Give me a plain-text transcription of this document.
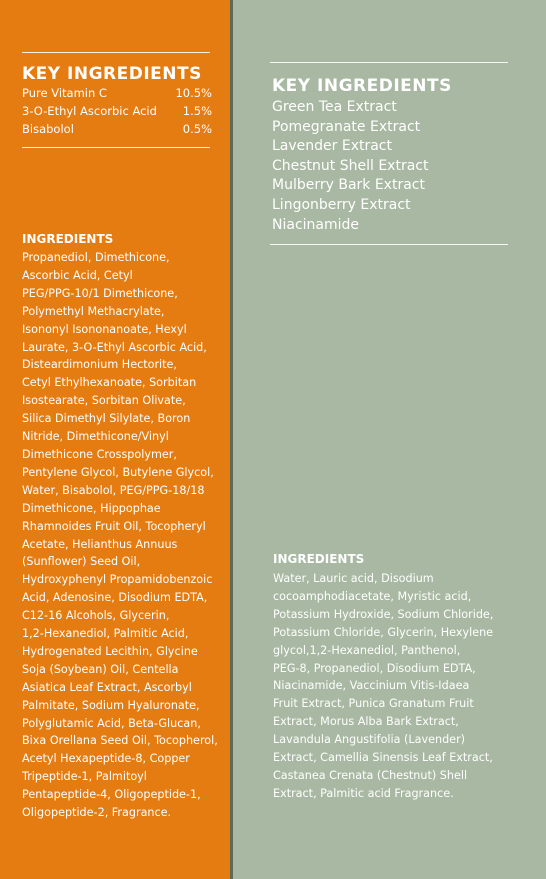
KEY INGREDIENTS
Pure Vitamin C	10.5%
3-O-Ethyl Ascorbic Acid 1.5%
Bisabolol	0.5%
INGREDIENTS
Propanediol, Dimethicone,
Ascorbic Acid, Cetyl
PEG/PPG-10/1 Dimethicone,
Polymethyl Methacrylate,
Isononyl Isononanoate, Hexyl
Laurate, 3-O-Ethyl Ascorbic Acid,
Disteardimonium Hectorite,
Cetyl Ethylhexanoate, Sorbitan
Isostearate, Sorbitan Olivate,
Silica Dimethyl Silylate, Boron
Nitride, Dimethicone/Vinyl
Dimethicone Crosspolymer,
Pentylene Glycol, Butylene Glycol,
Water, Bisabolol, PEG/PPG-18/18
Dimethicone, Hippophae
Rhamnoides Fruit Oil, Tocopheryl
Acetate, Helianthus Annuus
(Sunflower) Seed Oil,
Hydroxyphenyl Propamidobenzoic
Acid, Adenosine, Disodium EDTA,
C12-16 Alcohols, Glycerin,
1,2-Hexanediol, Palmitic Acid,
Hydrogenated Lecithin, Glycine
Soja (Soybean) Oil, Centella
Asiatica Leaf Extract, Ascorbyl
Palmitate, Sodium Hyaluronate,
Polyglutamic Acid, Beta-Glucan,
Bixa Orellana Seed Oil, Tocopherol,
Acetyl Hexapeptide-8, Copper
Tripeptide-1, Palmitoyl
Pentapeptide-4, Oligopeptide-1,
Oligopeptide-2, Fragrance.
KEY INGREDIENTS
Green Tea Extract
Pomegranate Extract
Lavender Extract
Chestnut Shell Extract
Mulberry Bark Extract
Lingonberry Extract
Niacinamide
INGREDIENTS
Water, Lauric acid, Disodium
cocoamphodiacetate, Myristic acid,
Potassium Hydroxide, Sodium Chloride,
Potassium Chloride, Glycerin, Hexylene
glycol,1,2-Hexanediol, Panthenol,
PEG-8, Propanediol, Disodium EDTA,
Niacinamide, Vaccinium Vitis-Idaea
Fruit Extract, Punica Granatum Fruit
Extract, Morus Alba Bark Extract,
Lavandula Angustifolia (Lavender)
Extract, Camellia Sinensis Leaf Extract,
Castanea Crenata (Chestnut) Shell
Extract, Palmitic acid Fragrance.
